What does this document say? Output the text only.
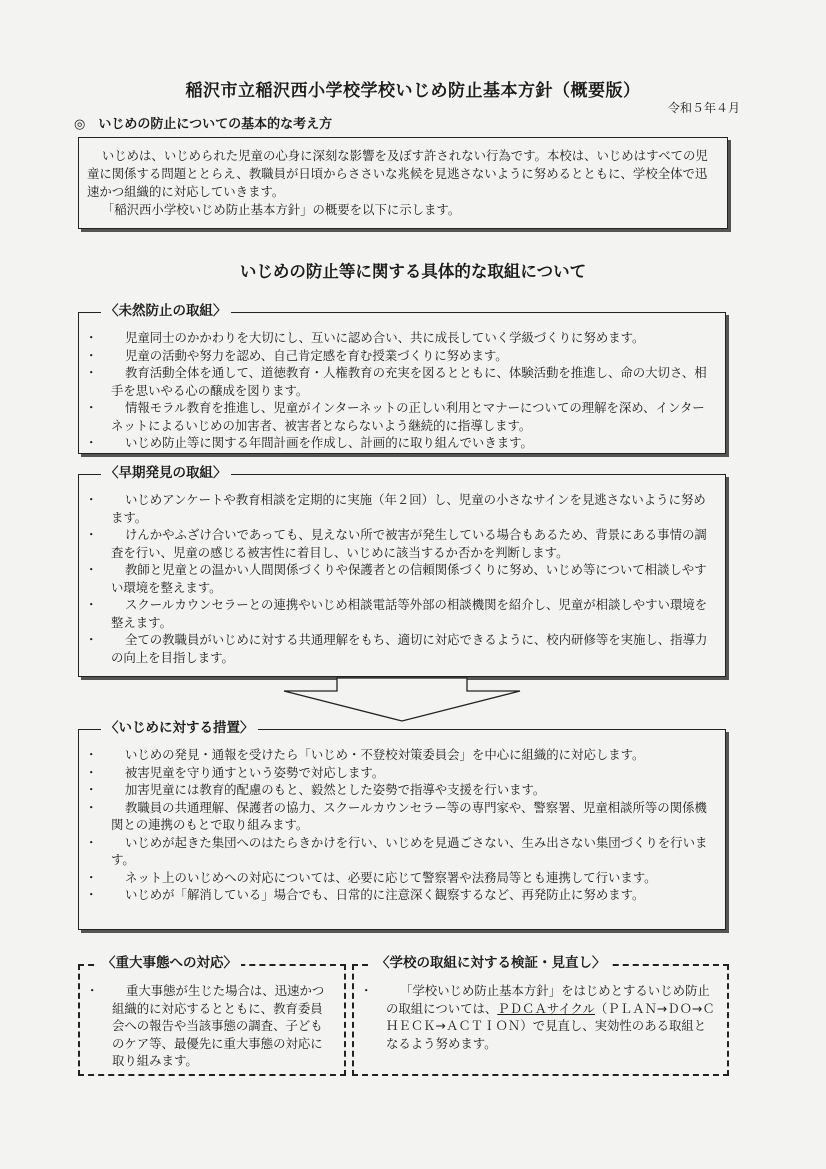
稲沢市立稲沢西小学校学校いじめ防止基本方針（概要版）
令和５年４月
◎　いじめの防止についての基本的な考え方

いじめは、いじめられた児童の心身に深刻な影響を及ぼす許されない行為です。本校は、いじめはすべての児童に関係する問題ととらえ、教職員が日頃からささいな兆候を見逃さないように努めるとともに、学校全体で迅速かつ組織的に対応していきます。

「稲沢西小学校いじめ防止基本方針」の概要を以下に示します。

いじめの防止等に関する具体的な取組について
〈未然防止の取組〉
・ 児童同士のかかわりを大切にし、互いに認め合い、共に成長していく学級づくりに努めます。
・ 児童の活動や努力を認め、自己肯定感を育む授業づくりに努めます。
・ 教育活動全体を通して、道徳教育・人権教育の充実を図るとともに、体験活動を推進し、命の大切さ、相手を思いやる心の醸成を図ります。
・ 情報モラル教育を推進し、児童がインターネットの正しい利用とマナーについての理解を深め、インターネットによるいじめの加害者、被害者とならないよう継続的に指導します。
・ いじめ防止等に関する年間計画を作成し、計画的に取り組んでいきます。
〈早期発見の取組〉
・ いじめアンケートや教育相談を定期的に実施（年２回）し、児童の小さなサインを見逃さないように努めます。
・ けんかやふざけ合いであっても、見えない所で被害が発生している場合もあるため、背景にある事情の調査を行い、児童の感じる被害性に着目し、いじめに該当するか否かを判断します。
・ 教師と児童との温かい人間関係づくりや保護者との信頼関係づくりに努め、いじめ等について相談しやすい環境を整えます。
・ スクールカウンセラーとの連携やいじめ相談電話等外部の相談機関を紹介し、児童が相談しやすい環境を整えます。
・ 全ての教職員がいじめに対する共通理解をもち、適切に対応できるように、校内研修等を実施し、指導力の向上を目指します。
〈いじめに対する措置〉
・ いじめの発見・通報を受けたら「いじめ・不登校対策委員会」を中心に組織的に対応します。
・ 被害児童を守り通すという姿勢で対応します。
・ 加害児童には教育的配慮のもと、毅然とした姿勢で指導や支援を行います。
・ 教職員の共通理解、保護者の協力、スクールカウンセラー等の専門家や、警察署、児童相談所等の関係機関との連携のもとで取り組みます。
・ いじめが起きた集団へのはたらきかけを行い、いじめを見過ごさない、生み出さない集団づくりを行います。
・ ネット上のいじめへの対応については、必要に応じて警察署や法務局等とも連携して行います。
・ いじめが「解消している」場合でも、日常的に注意深く観察するなど、再発防止に努めます。
〈重大事態への対応〉
・ 重大事態が生じた場合は、迅速かつ組織的に対応するとともに、教育委員会への報告や当該事態の調査、子どものケア等、最優先に重大事態の対応に取り組みます。
〈学校の取組に対する検証・見直し〉
・ 「学校いじめ防止基本方針」をはじめとするいじめ防止の取組については、ＰＤＣＡサイクル（ＰＬＡＮ→ＤＯ→ＣＨＥＣＫ→ＡＣＴＩＯＮ）で見直し、実効性のある取組となるよう努めます。
